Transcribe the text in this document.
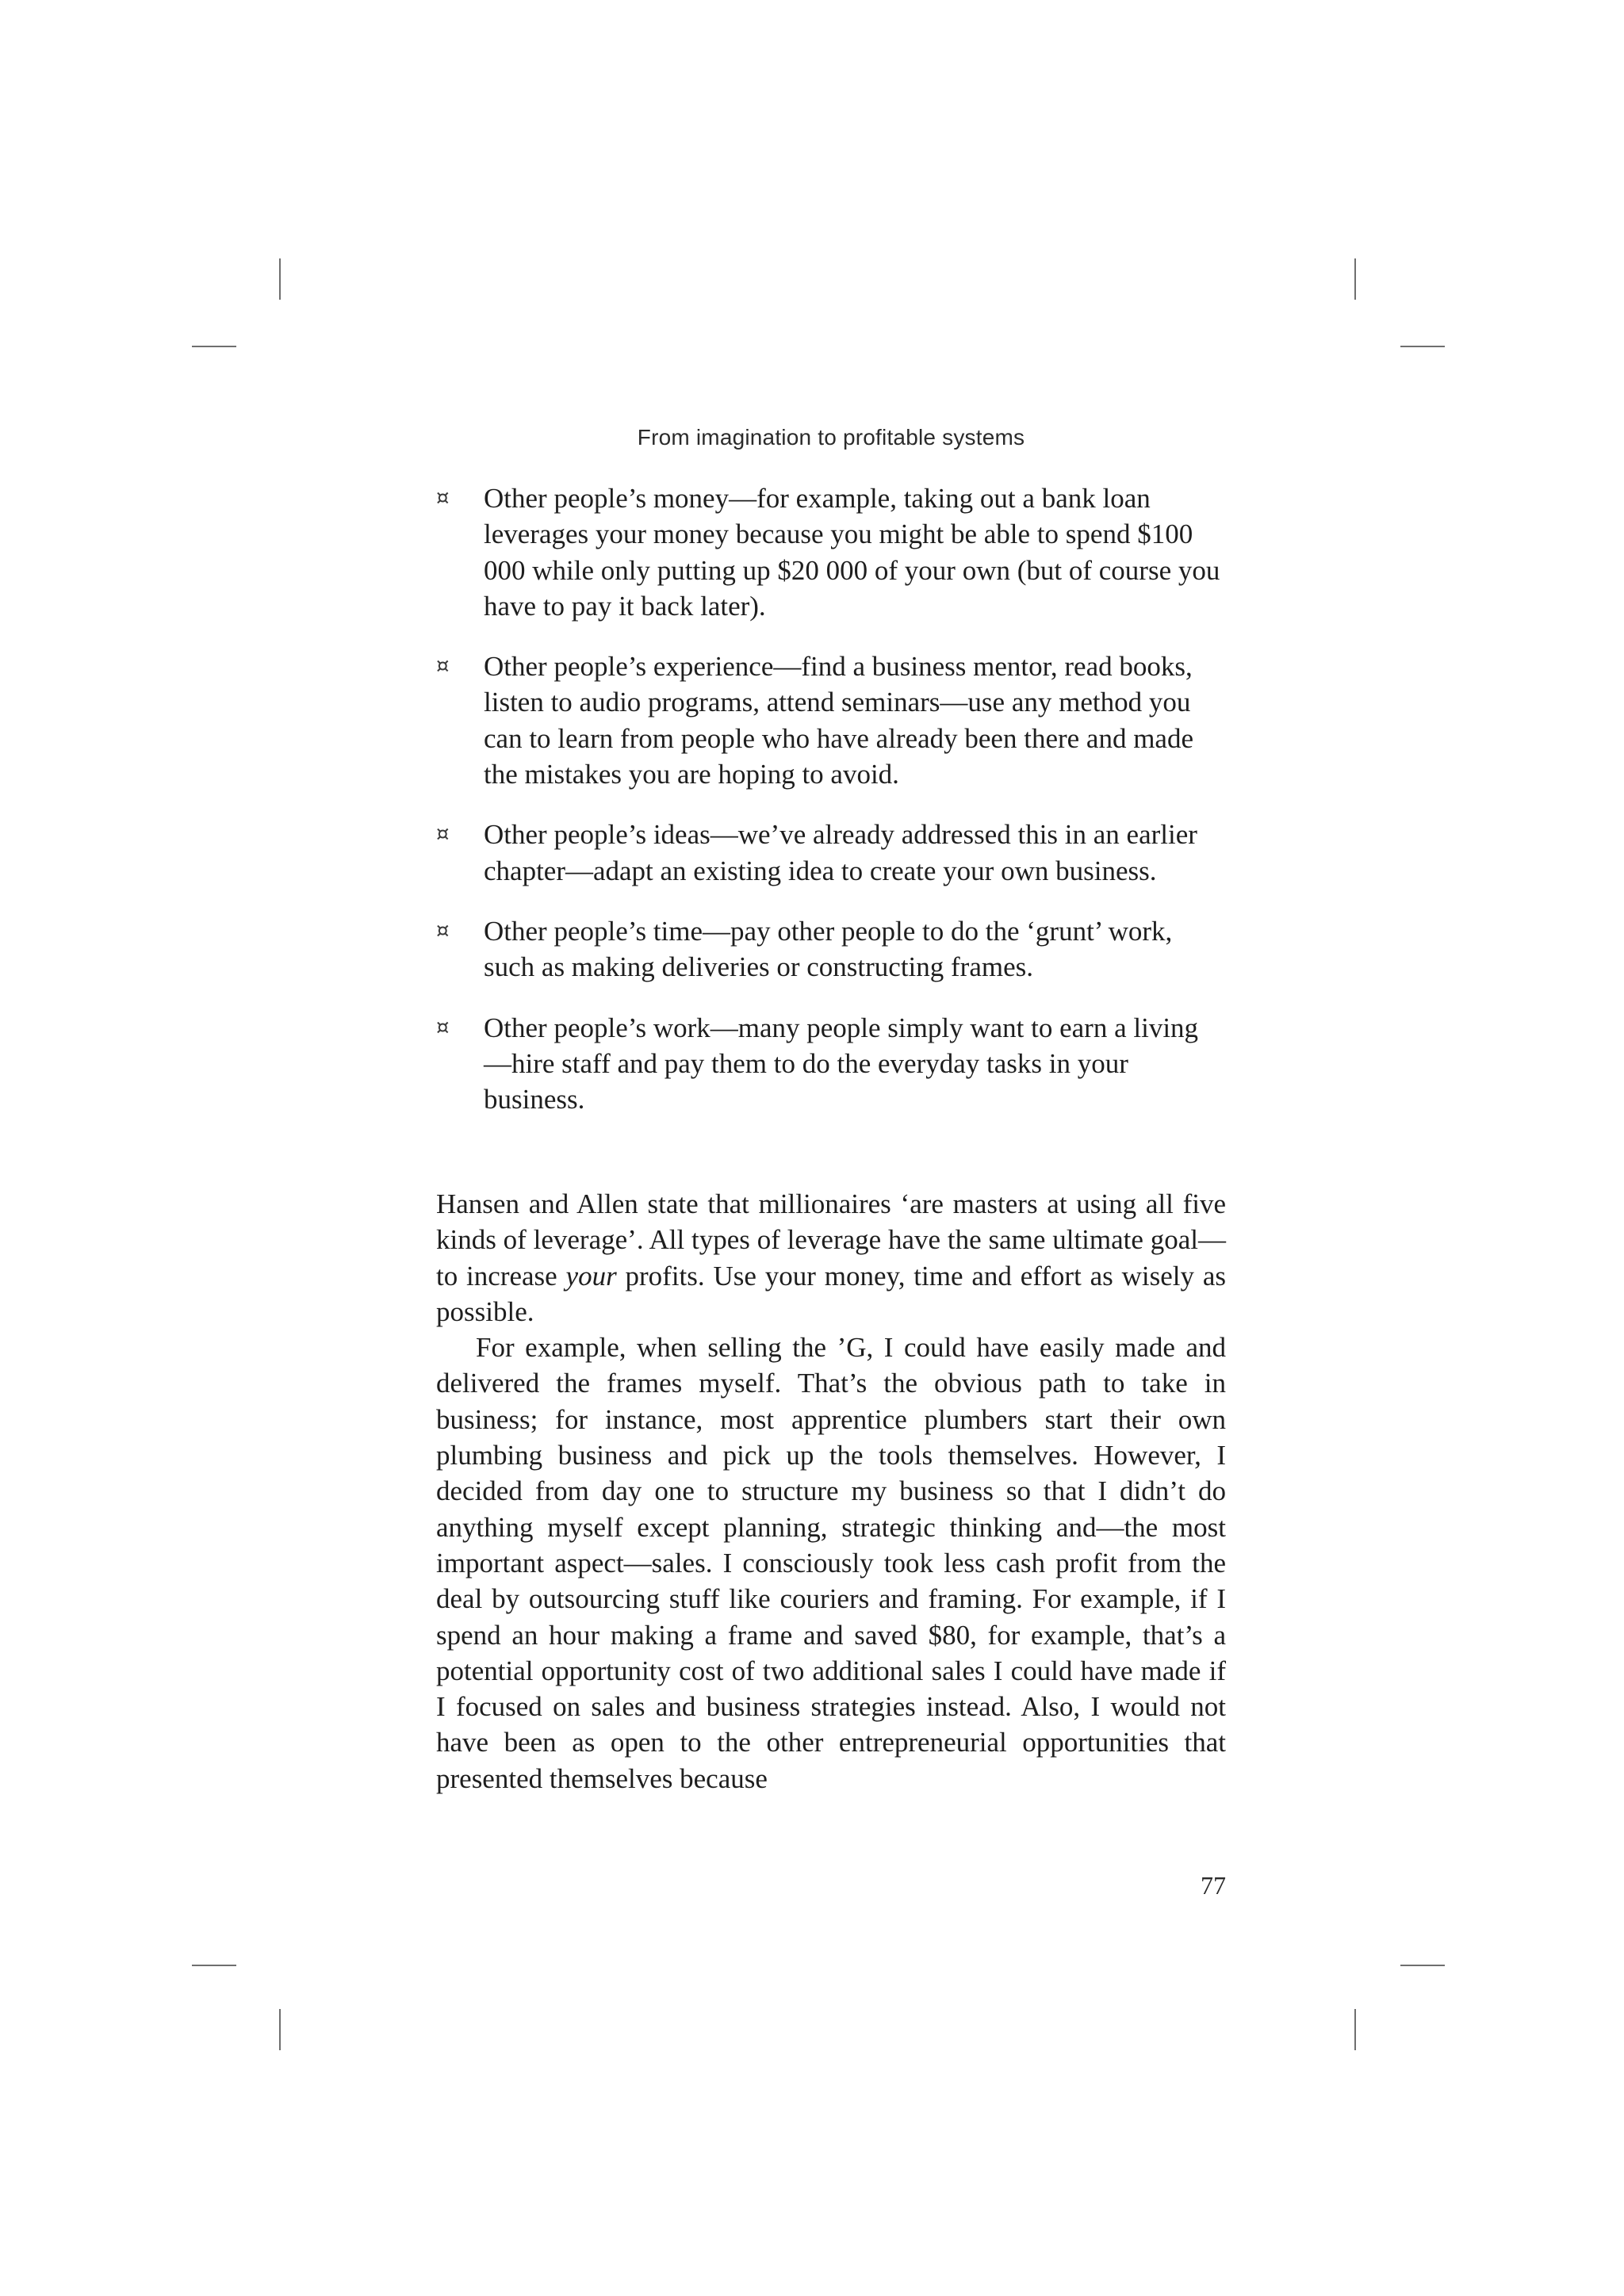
From imagination to profitable systems
¤	Other people’s money—for example, taking out a bank loan leverages your money because you might be able to spend $100 000 while only putting up $20 000 of your own (but of course you have to pay it back later).
¤	Other people’s experience—find a business mentor, read books, listen to audio programs, attend seminars—use any method you can to learn from people who have already been there and made the mistakes you are hoping to avoid.
¤	Other people’s ideas—we’ve already addressed this in an earlier chapter—adapt an existing idea to create your own business.
¤	Other people’s time—pay other people to do the ‘grunt’ work, such as making deliveries or constructing frames.
¤	Other people’s work—many people simply want to earn a living—hire staff and pay them to do the everyday tasks in your business.

Hansen and Allen state that millionaires ‘are masters at using all five kinds of leverage’. All types of leverage have the same ultimate goal—to increase your profits. Use your money, time and effort as wisely as possible.

For example, when selling the ’G, I could have easily made and delivered the frames myself. That’s the obvious path to take in business; for instance, most apprentice plumbers start their own plumbing business and pick up the tools themselves. However, I decided from day one to structure my business so that I didn’t do anything myself except planning, strategic thinking and—the most important aspect—sales. I consciously took less cash profit from the deal by outsourcing stuff like couriers and framing. For example, if I spend an hour making a frame and saved $80, for example, that’s a potential opportunity cost of two additional sales I could have made if I focused on sales and business strategies instead. Also, I would not have been as open to the other entrepreneurial opportunities that presented themselves because

77
